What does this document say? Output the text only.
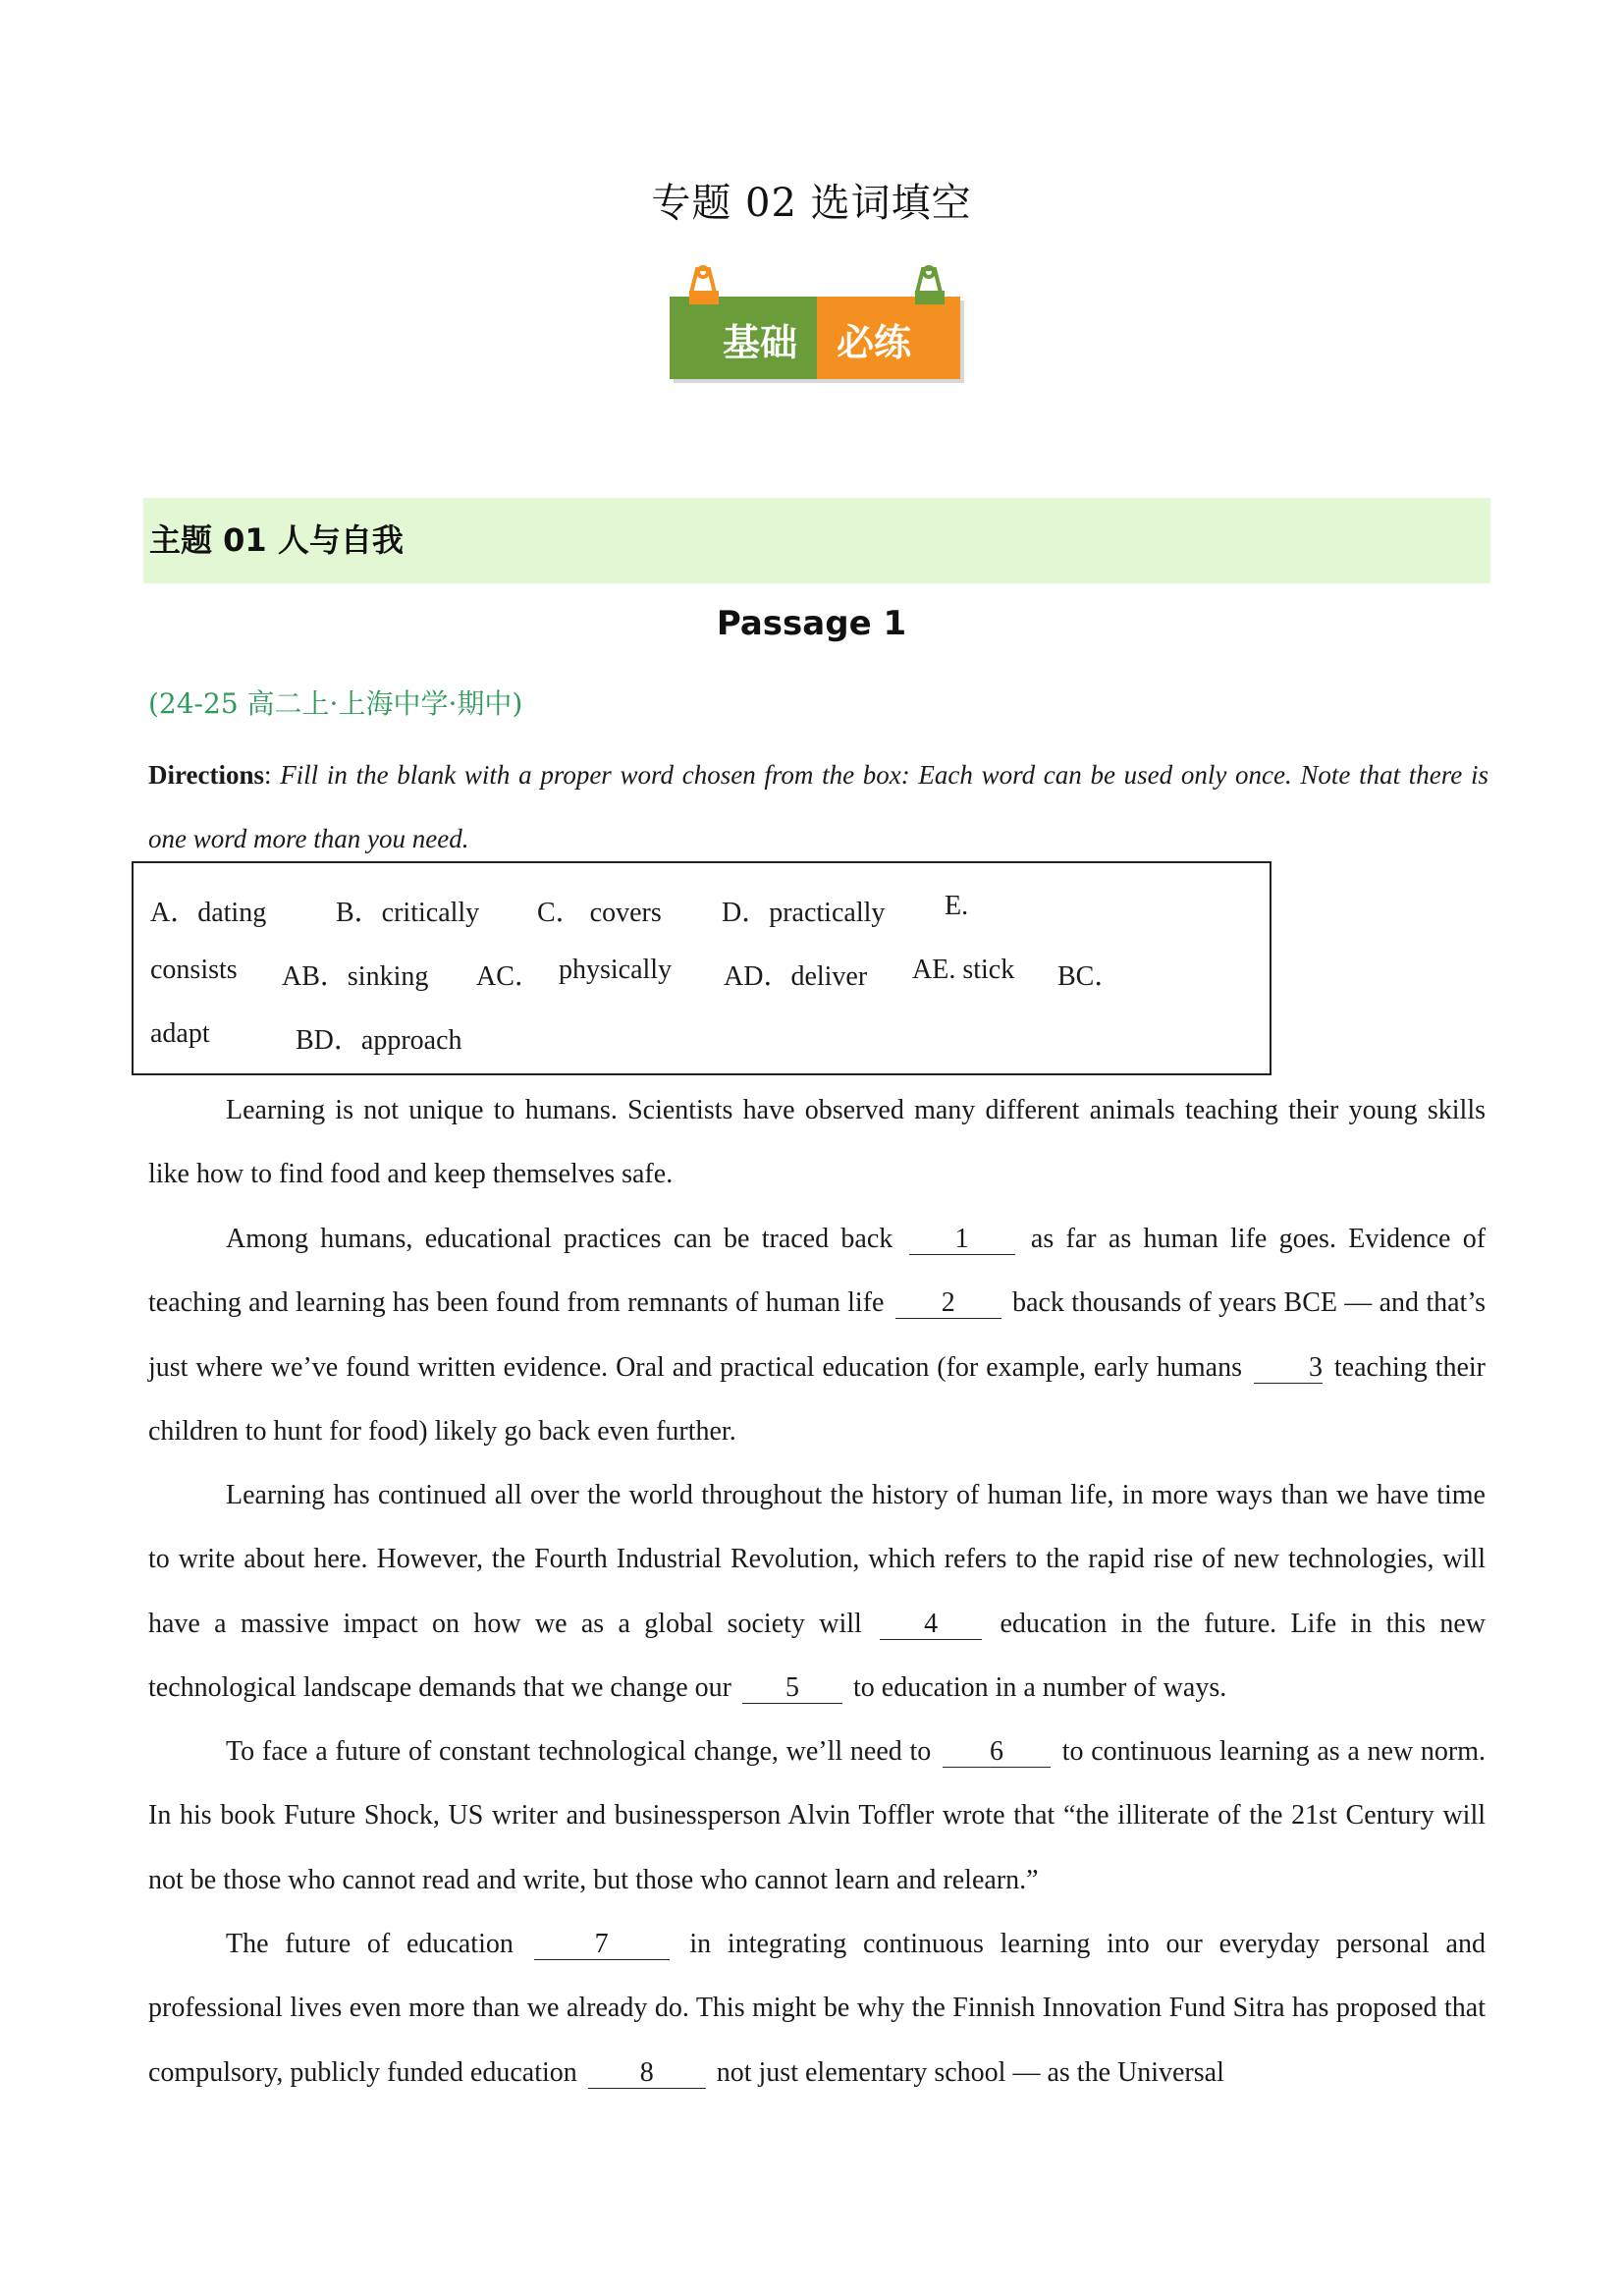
专题 02 选词填空
基础 必练
主题 01 人与自我
Passage 1
(24-25 高二上·上海中学·期中)

Directions: Fill in the blank with a proper word chosen from the box: Each word can be used only once. Note that there is one word more than you need.

A．dating	B．critically C． covers D．practically E.
consists AB．sinking AC． physically AD．deliver AE. stick BC．
adapt	BD．approach

Learning is not unique to humans. Scientists have observed many different animals teaching their young skills like how to find food and keep themselves safe.

Among humans, educational practices can be traced back 1 as far as human life goes. Evidence of teaching and learning has been found from remnants of human life 2 back thousands of years BCE — and that’s just where we’ve found written evidence. Oral and practical education (for example, early humans 3 teaching their children to hunt for food) likely go back even further.

Learning has continued all over the world throughout the history of human life, in more ways than we have time to write about here. However, the Fourth Industrial Revolution, which refers to the rapid rise of new technologies, will have a massive impact on how we as a global society will 4 education in the future. Life in this new technological landscape demands that we change our 5 to education in a number of ways.

To face a future of constant technological change, we’ll need to 6 to continuous learning as a new norm. In his book Future Shock, US writer and businessperson Alvin Toffler wrote that “the illiterate of the 21st Century will not be those who cannot read and write, but those who cannot learn and relearn.”

The future of education	7	in integrating continuous learning into our everyday personal and professional lives even more than we already do. This might be why the Finnish Innovation Fund Sitra has proposed that compulsory, publicly funded education 8 not just elementary school — as the Universal
